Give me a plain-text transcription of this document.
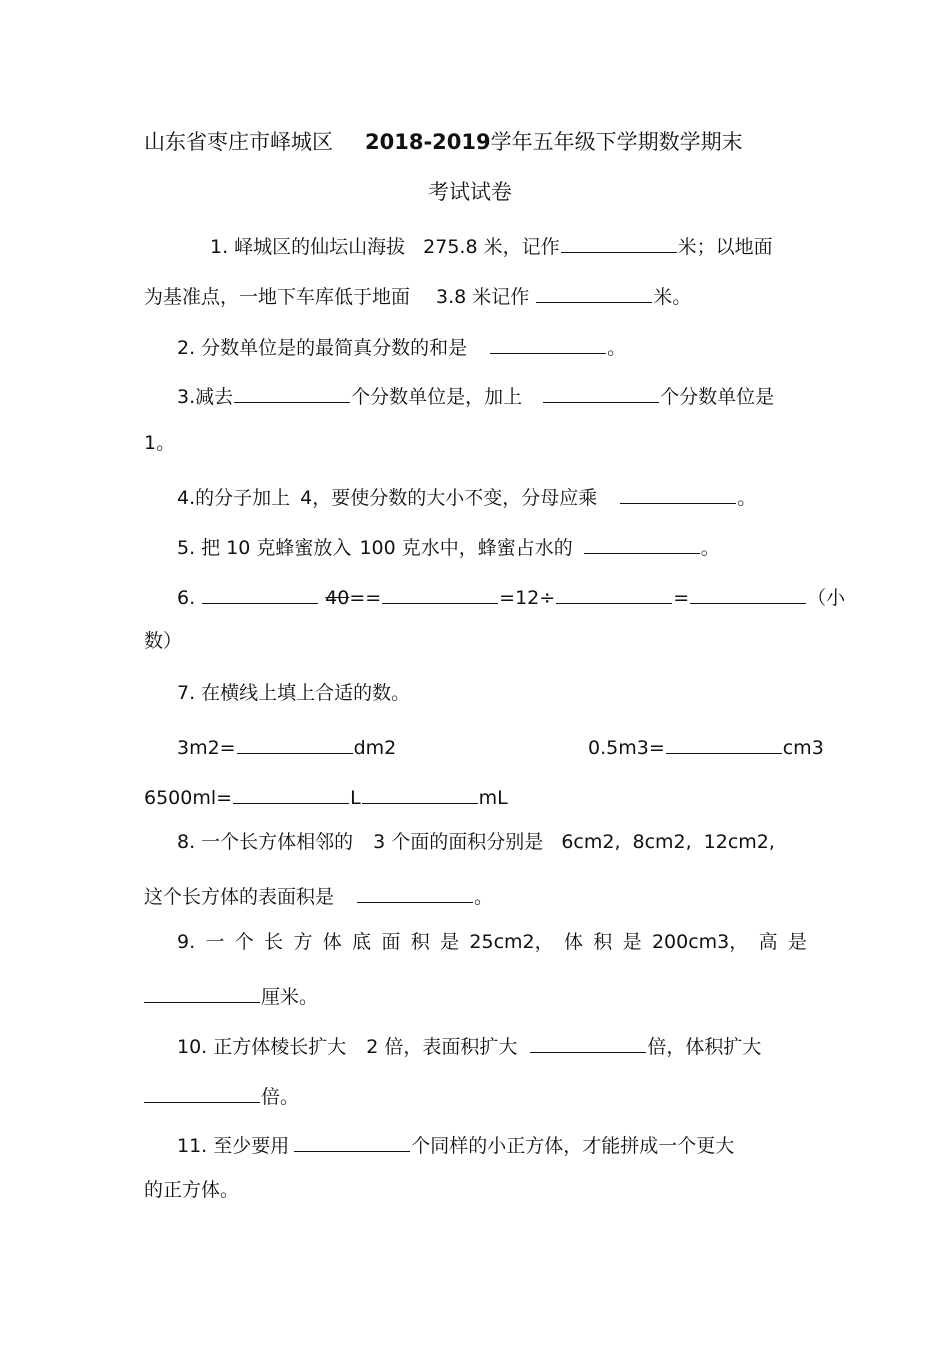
山东省枣庄市峄城区 2018-2019学年五年级下学期数学期末
考试试卷
1. 峄城区的仙坛山海拔 275.8 米，记作	米；以地面
为基准点，一地下车库低于地面 3.8 米记作	米。
2. 分数单位是的最简真分数的和是	。
3.减去	个分数单位是，加上	个分数单位是
1。
4.的分子加上 4，要使分数的大小不变，分母应乘	。
5. 把 10 克蜂蜜放入 100 克水中，蜂蜜占水的	。
6.	40==	=12÷	=	（小
数）
7. 在横线上填上合适的数。
3m2=	dm2	0.5m3=	cm3
6500ml=	L	mL
8. 一个长方体相邻的 3 个面的面积分别是 6cm2, 8cm2, 12cm2,
这个长方体的表面积是	。
9. 一 个 长 方 体 底 面 积 是 25cm2， 体 积 是 200cm3， 高 是
厘米。
10. 正方体棱长扩大 2 倍，表面积扩大	倍，体积扩大
倍。
11. 至少要用	个同样的小正方体，才能拼成一个更大
的正方体。
